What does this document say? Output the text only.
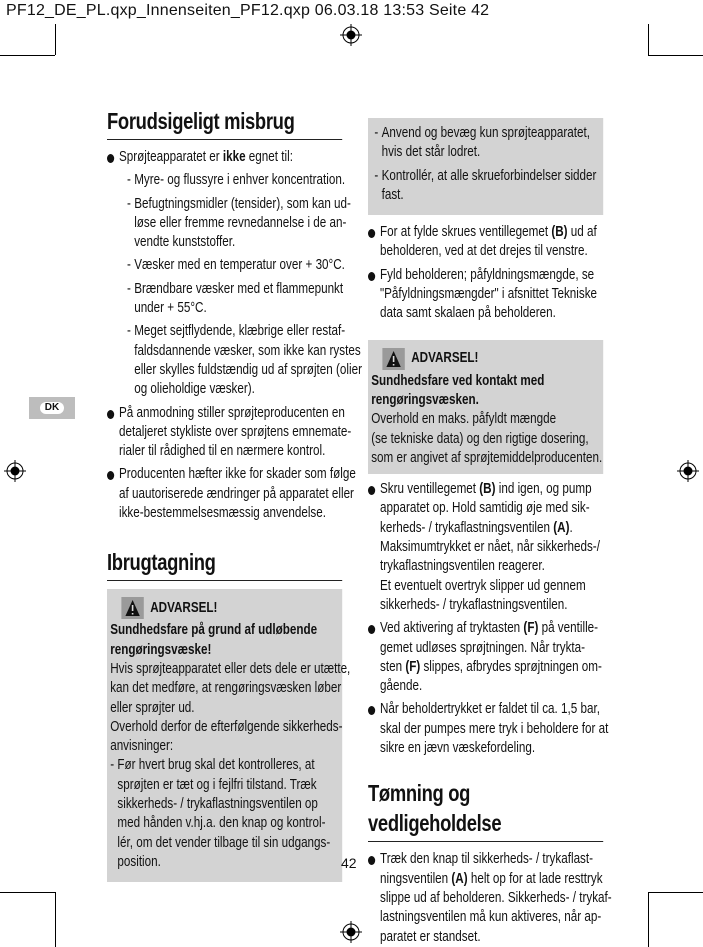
PF12_DE_PL.qxp_Innenseiten_PF12.qxp 06.03.18 13:53 Seite 42
DK
Forudsigeligt misbrug
Sprøjteapparatet er ikke egnet til:
- Myre- og flussyre i enhver koncentration.
- Befugtningsmidler (tensider), som kan ud-
løse eller fremme revnedannelse i de an-
vendte kunststoffer.
- Væsker med en temperatur over + 30°C.
- Brændbare væsker med et flammepunkt
under + 55°C.
- Meget sejtflydende, klæbrige eller restaf-
faldsdannende væsker, som ikke kan rystes
eller skylles fuldstændig ud af sprøjten (olier
og olieholdige væsker).
På anmodning stiller sprøjteproducenten en
detaljeret stykliste over sprøjtens emnemate-
rialer til rådighed til en nærmere kontrol.
Producenten hæfter ikke for skader som følge
af uautoriserede ændringer på apparatet eller
ikke-bestemmelsesmæssig anvendelse.
Ibrugtagning
ADVARSEL!
Sundhedsfare på grund af udløbende
rengøringsvæske!
Hvis sprøjteapparatet eller dets dele er utætte,
kan det medføre, at rengøringsvæsken løber
eller sprøjter ud.
Overhold derfor de efterfølgende sikkerheds-
anvisninger:
- Før hvert brug skal det kontrolleres, at
sprøjten er tæt og i fejlfri tilstand. Træk
sikkerheds- / trykaflastningsventilen op
med hånden v.hj.a. den knap og kontrol-
lér, om det vender tilbage til sin udgangs-
position.
- Anvend og bevæg kun sprøjteapparatet,
hvis det står lodret.
- Kontrollér, at alle skrueforbindelser sidder
fast.
For at fylde skrues ventillegemet (B) ud af
beholderen, ved at det drejes til venstre.
Fyld beholderen; påfyldningsmængde, se
"Påfyldningsmængder" i afsnittet Tekniske
data samt skalaen på beholderen.
ADVARSEL!
Sundhedsfare ved kontakt med
rengøringsvæsken.
Overhold en maks. påfyldt mængde
(se tekniske data) og den rigtige dosering,
som er angivet af sprøjtemiddelproducenten.
Skru ventillegemet (B) ind igen, og pump
apparatet op. Hold samtidig øje med sik-
kerheds- / trykaflastningsventilen (A).
Maksimumtrykket er nået, når sikkerheds-/
trykaflastningsventilen reagerer.
Et eventuelt overtryk slipper ud gennem
sikkerheds- / trykaflastningsventilen.
Ved aktivering af tryktasten (F) på ventille-
gemet udløses sprøjtningen. Når trykta-
sten (F) slippes, afbrydes sprøjtningen om-
gående.
Når beholdertrykket er faldet til ca. 1,5 bar,
skal der pumpes mere tryk i beholdere for at
sikre en jævn væskefordeling.
Tømning og vedligeholdelse
Træk den knap til sikkerheds- / trykaflast-
ningsventilen (A) helt op for at lade resttryk
slippe ud af beholderen. Sikkerheds- / trykaf-
lastningsventilen må kun aktiveres, når ap-
paratet er standset.
42
